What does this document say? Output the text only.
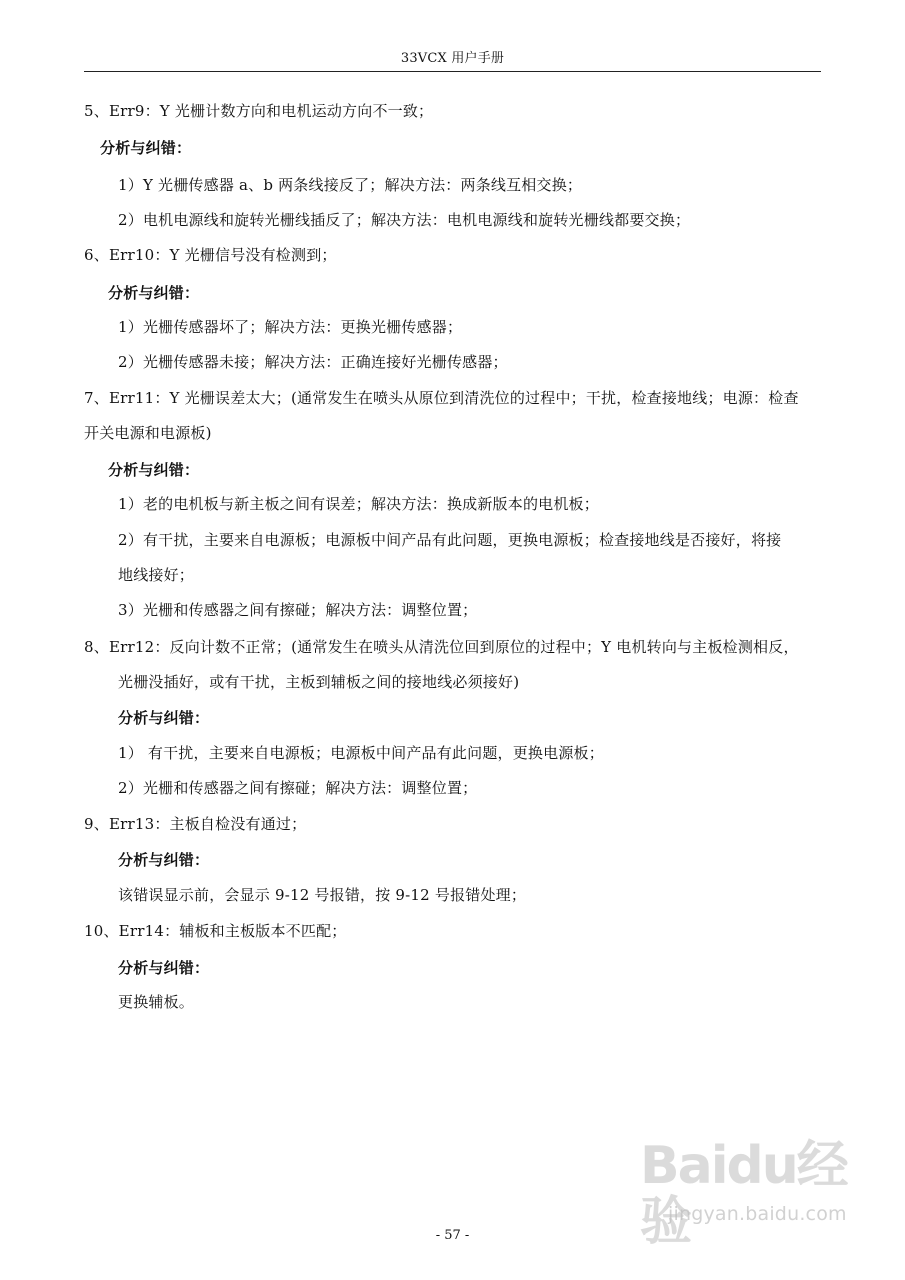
33VCX 用户手册
5、Err9：Y 光栅计数方向和电机运动方向不一致；
分析与纠错：
1）Y 光栅传感器 a、b 两条线接反了；解决方法：两条线互相交换；
2）电机电源线和旋转光栅线插反了；解决方法：电机电源线和旋转光栅线都要交换；
6、Err10：Y 光栅信号没有检测到；
分析与纠错：
1）光栅传感器坏了；解决方法：更换光栅传感器；
2）光栅传感器未接；解决方法：正确连接好光栅传感器；
7、Err11：Y 光栅误差太大；(通常发生在喷头从原位到清洗位的过程中；干扰，检查接地线；电源：检查
开关电源和电源板)
分析与纠错：
1）老的电机板与新主板之间有误差；解决方法：换成新版本的电机板；
2）有干扰，主要来自电源板；电源板中间产品有此问题，更换电源板；检查接地线是否接好，将接
地线接好；
3）光栅和传感器之间有擦碰；解决方法：调整位置；
8、Err12：反向计数不正常；(通常发生在喷头从清洗位回到原位的过程中；Y 电机转向与主板检测相反，
光栅没插好，或有干扰，主板到辅板之间的接地线必须接好)
分析与纠错：
1） 有干扰，主要来自电源板；电源板中间产品有此问题，更换电源板；
2）光栅和传感器之间有擦碰；解决方法：调整位置；
9、Err13：主板自检没有通过；
分析与纠错：
该错误显示前，会显示 9-12 号报错，按 9-12 号报错处理；
10、Err14：辅板和主板版本不匹配；
分析与纠错：
更换辅板。
Baidu经验
jingyan.baidu.com
- 57 -
